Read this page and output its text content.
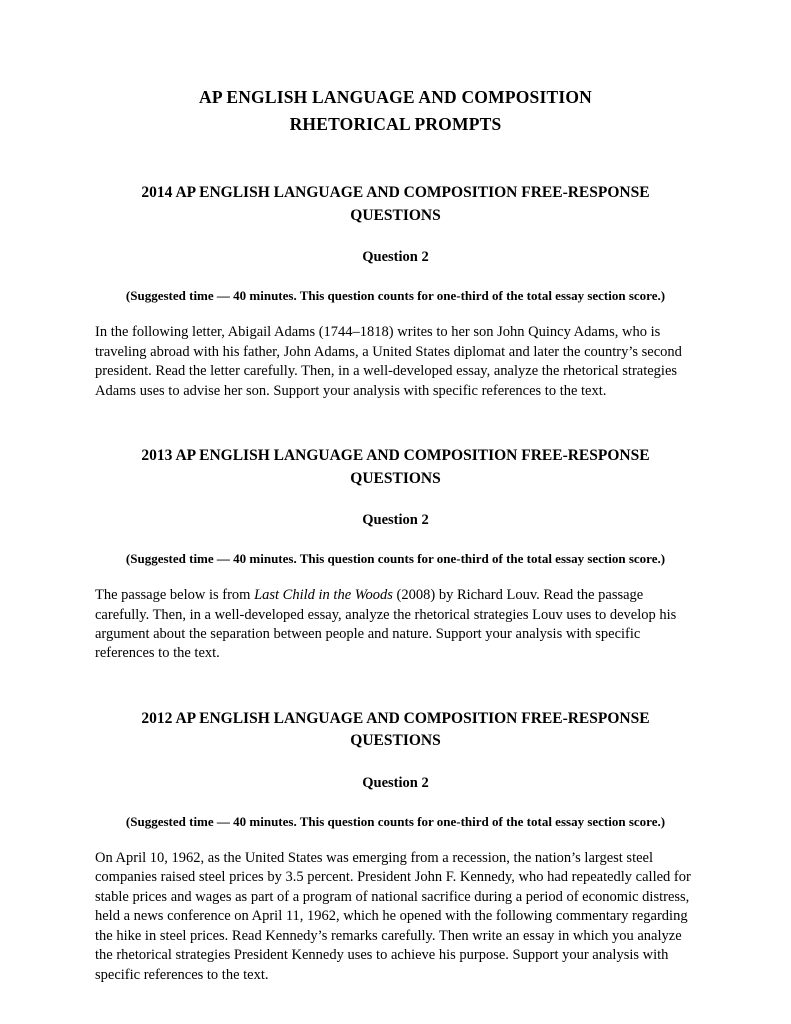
AP ENGLISH LANGUAGE AND COMPOSITION
RHETORICAL PROMPTS
2014 AP ENGLISH LANGUAGE AND COMPOSITION FREE-RESPONSE QUESTIONS

Question 2

(Suggested time — 40 minutes. This question counts for one-third of the total essay section score.)

In the following letter, Abigail Adams (1744–1818) writes to her son John Quincy Adams, who is traveling abroad with his father, John Adams, a United States diplomat and later the country’s second president. Read the letter carefully. Then, in a well-developed essay, analyze the rhetorical strategies Adams uses to advise her son. Support your analysis with specific references to the text.

2013 AP ENGLISH LANGUAGE AND COMPOSITION FREE-RESPONSE QUESTIONS

Question 2

(Suggested time — 40 minutes. This question counts for one-third of the total essay section score.)

The passage below is from Last Child in the Woods (2008) by Richard Louv. Read the passage carefully. Then, in a well-developed essay, analyze the rhetorical strategies Louv uses to develop his argument about the separation between people and nature. Support your analysis with specific references to the text.

2012 AP ENGLISH LANGUAGE AND COMPOSITION FREE-RESPONSE QUESTIONS

Question 2

(Suggested time — 40 minutes. This question counts for one-third of the total essay section score.)

On April 10, 1962, as the United States was emerging from a recession, the nation’s largest steel companies raised steel prices by 3.5 percent. President John F. Kennedy, who had repeatedly called for stable prices and wages as part of a program of national sacrifice during a period of economic distress, held a news conference on April 11, 1962, which he opened with the following commentary regarding the hike in steel prices. Read Kennedy’s remarks carefully. Then write an essay in which you analyze the rhetorical strategies President Kennedy uses to achieve his purpose. Support your analysis with specific references to the text.
